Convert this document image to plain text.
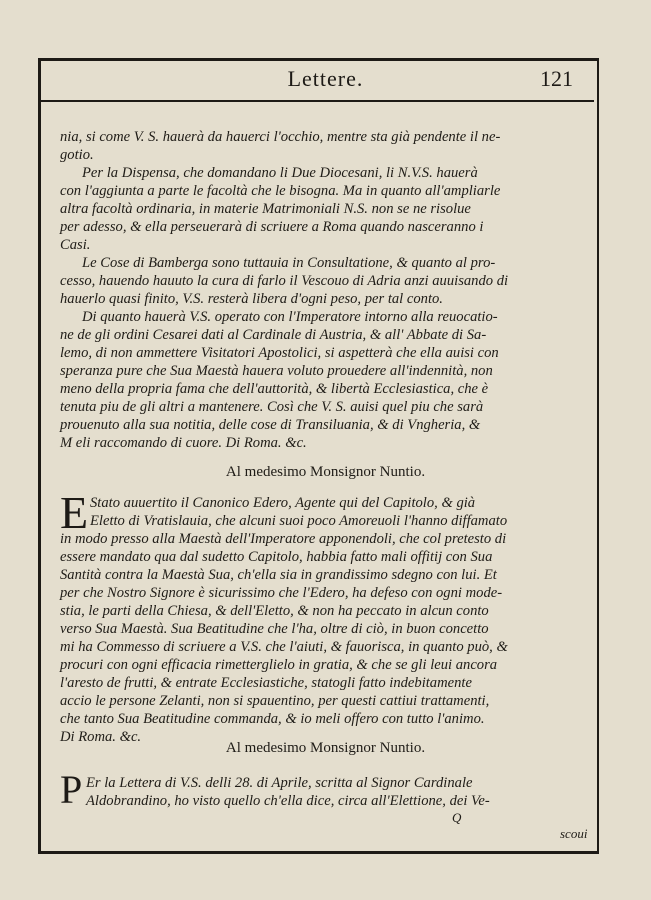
Lettere.	121
nia, si come V. S. hauerà da hauerci l'occhio, mentre sta già pendente il ne-
gotio.
Per la Dispensa, che domandano li Due Diocesani, li N.V.S. hauerà
con l'aggiunta a parte le facoltà che le bisogna. Ma in quanto all'ampliarle
altra facoltà ordinaria, in materie Matrimoniali N.S. non se ne risolue
per adesso, & ella perseuerarà di scriuere a Roma quando nasceranno i
Casi.
Le Cose di Bamberga sono tuttauia in Consultatione, & quanto al pro-
cesso, hauendo hauuto la cura di farlo il Vescouo di Adria anzi auuisando di
hauerlo quasi finito, V.S. resterà libera d'ogni peso, per tal conto.
Di quanto hauerà V.S. operato con l'Imperatore intorno alla reuocatio-
ne de gli ordini Cesarei dati al Cardinale di Austria, & all' Abbate di Sa-
lemo, di non ammettere Visitatori Apostolici, si aspetterà che ella auisi con
speranza pure che Sua Maestà hauera voluto prouedere all'indennità, non
meno della propria fama che dell'auttorità, & libertà Ecclesiastica, che è
tenuta piu de gli altri a mantenere. Così che V. S. auisi quel piu che sarà
prouenuto alla sua notitia, delle cose di Transiluania, & di Vngheria, &
M eli raccomando di cuore. Di Roma. &c.
Al medesimo Monsignor Nuntio.
E Stato auuertito il Canonico Edero, Agente qui del Capitolo, & già
Eletto di Vratislauia, che alcuni suoi poco Amoreuoli l'hanno diffamato
in modo presso alla Maestà dell'Imperatore apponendoli, che col pretesto di
essere mandato qua dal sudetto Capitolo, habbia fatto mali offitij con Sua
Santità contra la Maestà Sua, ch'ella sia in grandissimo sdegno con lui. Et
per che Nostro Signore è sicurissimo che l'Edero, ha defeso con ogni mode-
stia, le parti della Chiesa, & dell'Eletto, & non ha peccato in alcun conto
verso Sua Maestà. Sua Beatitudine che l'ha, oltre di ciò, in buon concetto
mi ha Commesso di scriuere a V.S. che l'aiuti, & fauorisca, in quanto può, &
procuri con ogni efficacia rimetterglielo in gratia, & che se gli leui ancora
l'aresto de frutti, & entrate Ecclesiastiche, statogli fatto indebitamente
accio le persone Zelanti, non si spauentino, per questi cattiui trattamenti,
che tanto Sua Beatitudine commanda, & io meli offero con tutto l'animo.
Di Roma. &c.
Al medesimo Monsignor Nuntio.
P Er la Lettera di V.S. delli 28. di Aprile, scritta al Signor Cardinale
Aldobrandino, ho visto quello ch'ella dice, circa all'Elettione, dei Ve-
Q
scoui
